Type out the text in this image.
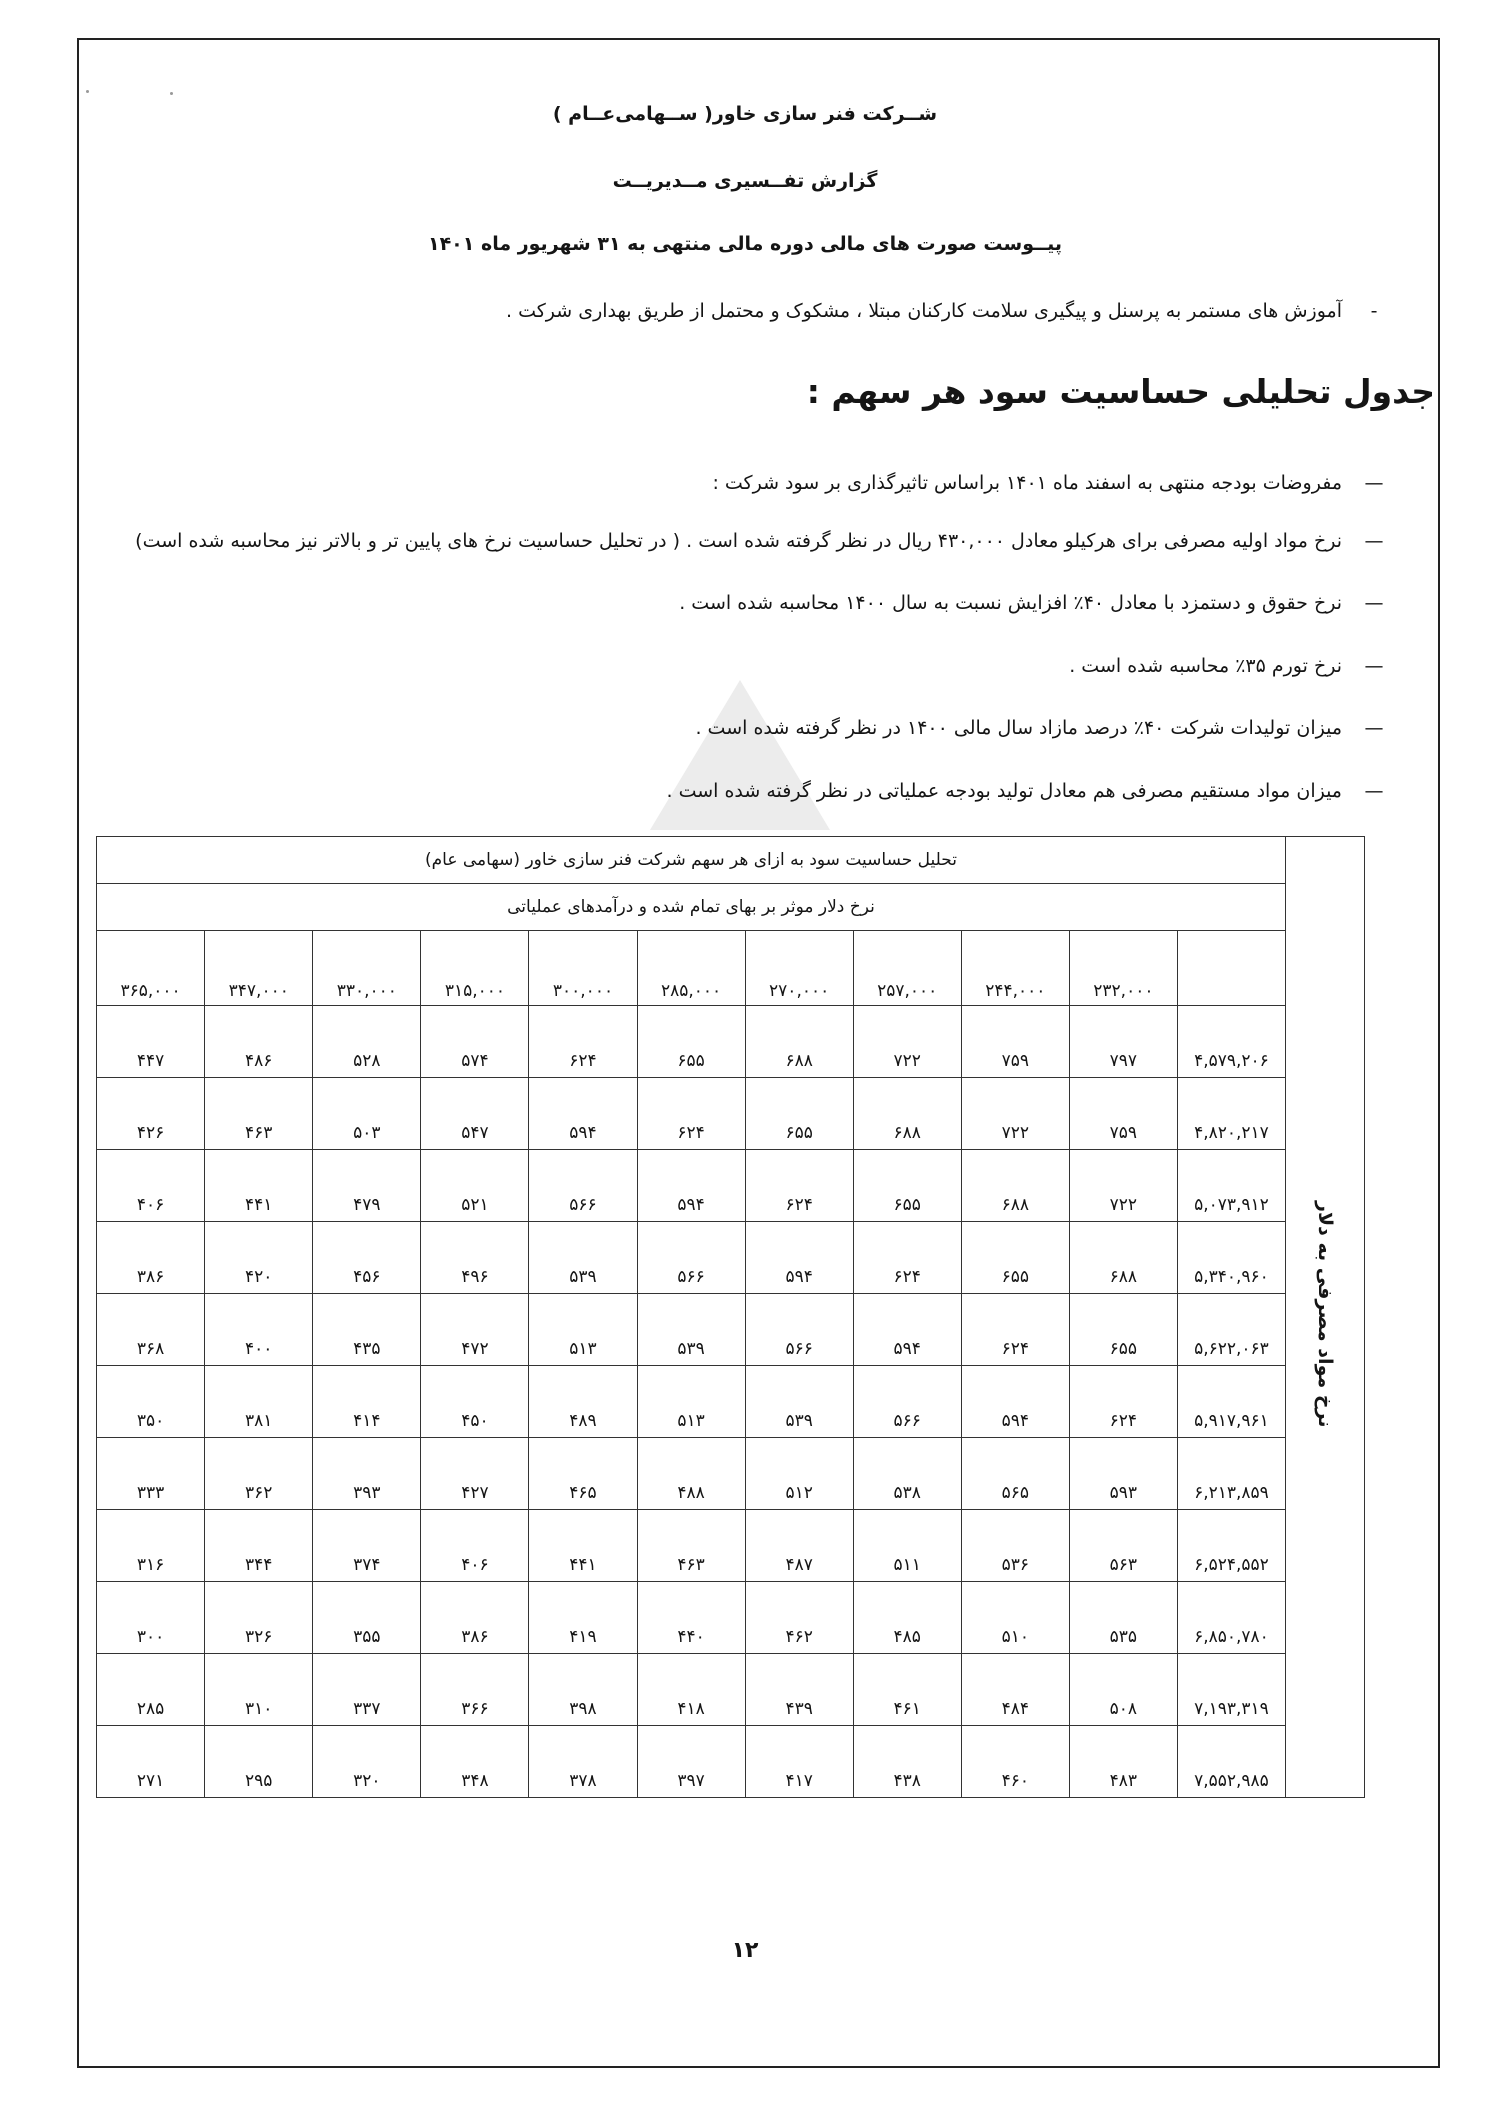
شــرکت فنر سازی خاور( ســهامی‌عــام )
گزارش تفــسیری مــدیریــت
پیــوست صورت های مالی دوره مالی منتهی به ۳۱ شهریور ماه ۱۴۰۱
-آموزش های مستمر به پرسنل و پیگیری سلامت کارکنان مبتلا ، مشکوک و محتمل از طریق بهداری شرکت .
جدول تحلیلی حساسیت سود هر سهم :
—مفروضات بودجه منتهی به اسفند ماه ۱۴۰۱ براساس تاثیرگذاری بر سود شرکت :
—نرخ مواد اولیه مصرفی برای هرکیلو معادل ۴۳۰,۰۰۰ ریال در نظر گرفته شده است . ( در تحلیل حساسیت نرخ های پایین تر و بالاتر نیز محاسبه شده است)
—نرخ حقوق و دستمزد با معادل ۴۰٪ افزایش نسبت به سال ۱۴۰۰ محاسبه شده است .
—نرخ تورم ۳۵٪ محاسبه شده است .
—میزان تولیدات شرکت ۴۰٪ درصد مازاد سال مالی ۱۴۰۰ در نظر گرفته شده است .
—میزان مواد مستقیم مصرفی هم معادل تولید بودجه عملیاتی در نظر گرفته شده است .
نرخ مواد مصرفی به دلار	تحلیل حساسیت سود به ازای هر سهم شرکت فنر سازی خاور (سهامی عام)										
	نرخ دلار موثر بر بهای تمام شده و درآمدهای عملیاتی										
		۲۳۲,۰۰۰	۲۴۴,۰۰۰	۲۵۷,۰۰۰	۲۷۰,۰۰۰	۲۸۵,۰۰۰	۳۰۰,۰۰۰	۳۱۵,۰۰۰	۳۳۰,۰۰۰	۳۴۷,۰۰۰	۳۶۵,۰۰۰
	۴,۵۷۹,۲۰۶	۷۹۷	۷۵۹	۷۲۲	۶۸۸	۶۵۵	۶۲۴	۵۷۴	۵۲۸	۴۸۶	۴۴۷
	۴,۸۲۰,۲۱۷	۷۵۹	۷۲۲	۶۸۸	۶۵۵	۶۲۴	۵۹۴	۵۴۷	۵۰۳	۴۶۳	۴۲۶
	۵,۰۷۳,۹۱۲	۷۲۲	۶۸۸	۶۵۵	۶۲۴	۵۹۴	۵۶۶	۵۲۱	۴۷۹	۴۴۱	۴۰۶
	۵,۳۴۰,۹۶۰	۶۸۸	۶۵۵	۶۲۴	۵۹۴	۵۶۶	۵۳۹	۴۹۶	۴۵۶	۴۲۰	۳۸۶
	۵,۶۲۲,۰۶۳	۶۵۵	۶۲۴	۵۹۴	۵۶۶	۵۳۹	۵۱۳	۴۷۲	۴۳۵	۴۰۰	۳۶۸
	۵,۹۱۷,۹۶۱	۶۲۴	۵۹۴	۵۶۶	۵۳۹	۵۱۳	۴۸۹	۴۵۰	۴۱۴	۳۸۱	۳۵۰
	۶,۲۱۳,۸۵۹	۵۹۳	۵۶۵	۵۳۸	۵۱۲	۴۸۸	۴۶۵	۴۲۷	۳۹۳	۳۶۲	۳۳۳
	۶,۵۲۴,۵۵۲	۵۶۳	۵۳۶	۵۱۱	۴۸۷	۴۶۳	۴۴۱	۴۰۶	۳۷۴	۳۴۴	۳۱۶
	۶,۸۵۰,۷۸۰	۵۳۵	۵۱۰	۴۸۵	۴۶۲	۴۴۰	۴۱۹	۳۸۶	۳۵۵	۳۲۶	۳۰۰
	۷,۱۹۳,۳۱۹	۵۰۸	۴۸۴	۴۶۱	۴۳۹	۴۱۸	۳۹۸	۳۶۶	۳۳۷	۳۱۰	۲۸۵
	۷,۵۵۲,۹۸۵	۴۸۳	۴۶۰	۴۳۸	۴۱۷	۳۹۷	۳۷۸	۳۴۸	۳۲۰	۲۹۵	۲۷۱
۱۲
